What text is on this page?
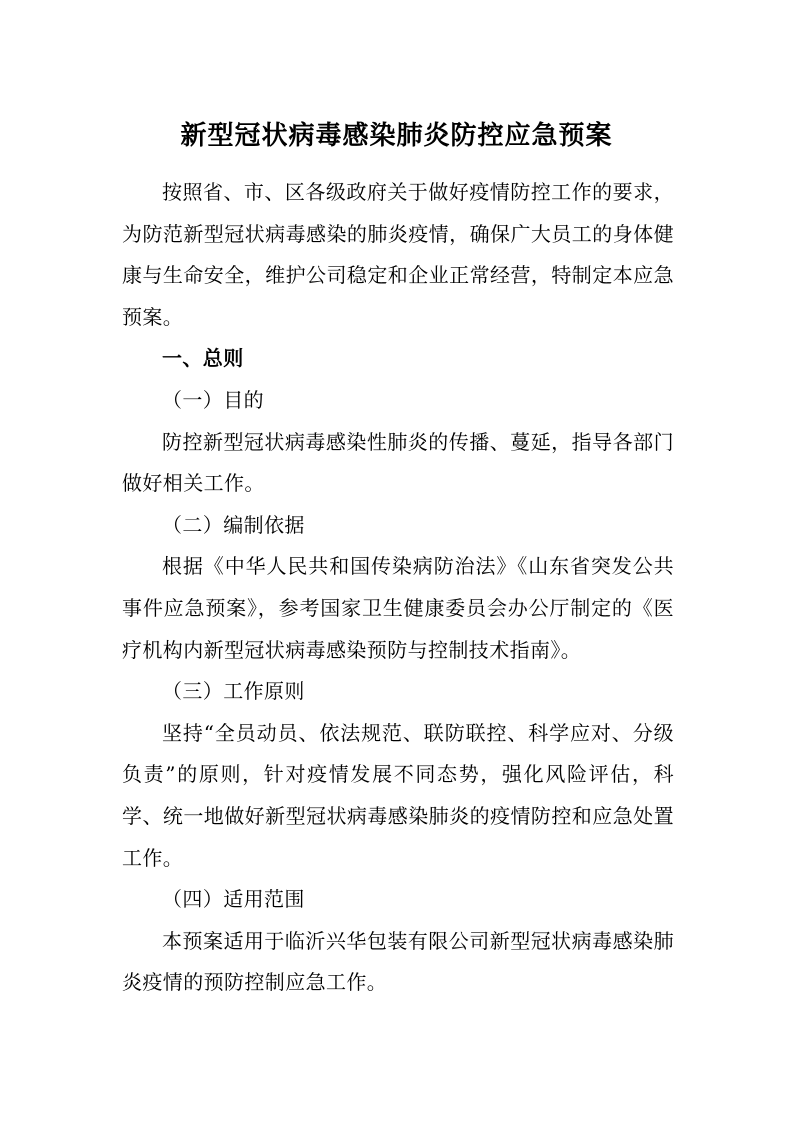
新型冠状病毒感染肺炎防控应急预案

按照省、市、区各级政府关于做好疫情防控工作的要求，为防范新型冠状病毒感染的肺炎疫情，确保广大员工的身体健康与生命安全，维护公司稳定和企业正常经营，特制定本应急预案。

一、总则

（一）目的

防控新型冠状病毒感染性肺炎的传播、蔓延，指导各部门做好相关工作。

（二）编制依据

根据《中华人民共和国传染病防治法》《山东省突发公共事件应急预案》，参考国家卫生健康委员会办公厅制定的《医疗机构内新型冠状病毒感染预防与控制技术指南》。

（三）工作原则

坚持“全员动员、依法规范、联防联控、科学应对、分级负责”的原则，针对疫情发展不同态势，强化风险评估，科学、统一地做好新型冠状病毒感染肺炎的疫情防控和应急处置工作。

（四）适用范围

本预案适用于临沂兴华包装有限公司新型冠状病毒感染肺炎疫情的预防控制应急工作。
